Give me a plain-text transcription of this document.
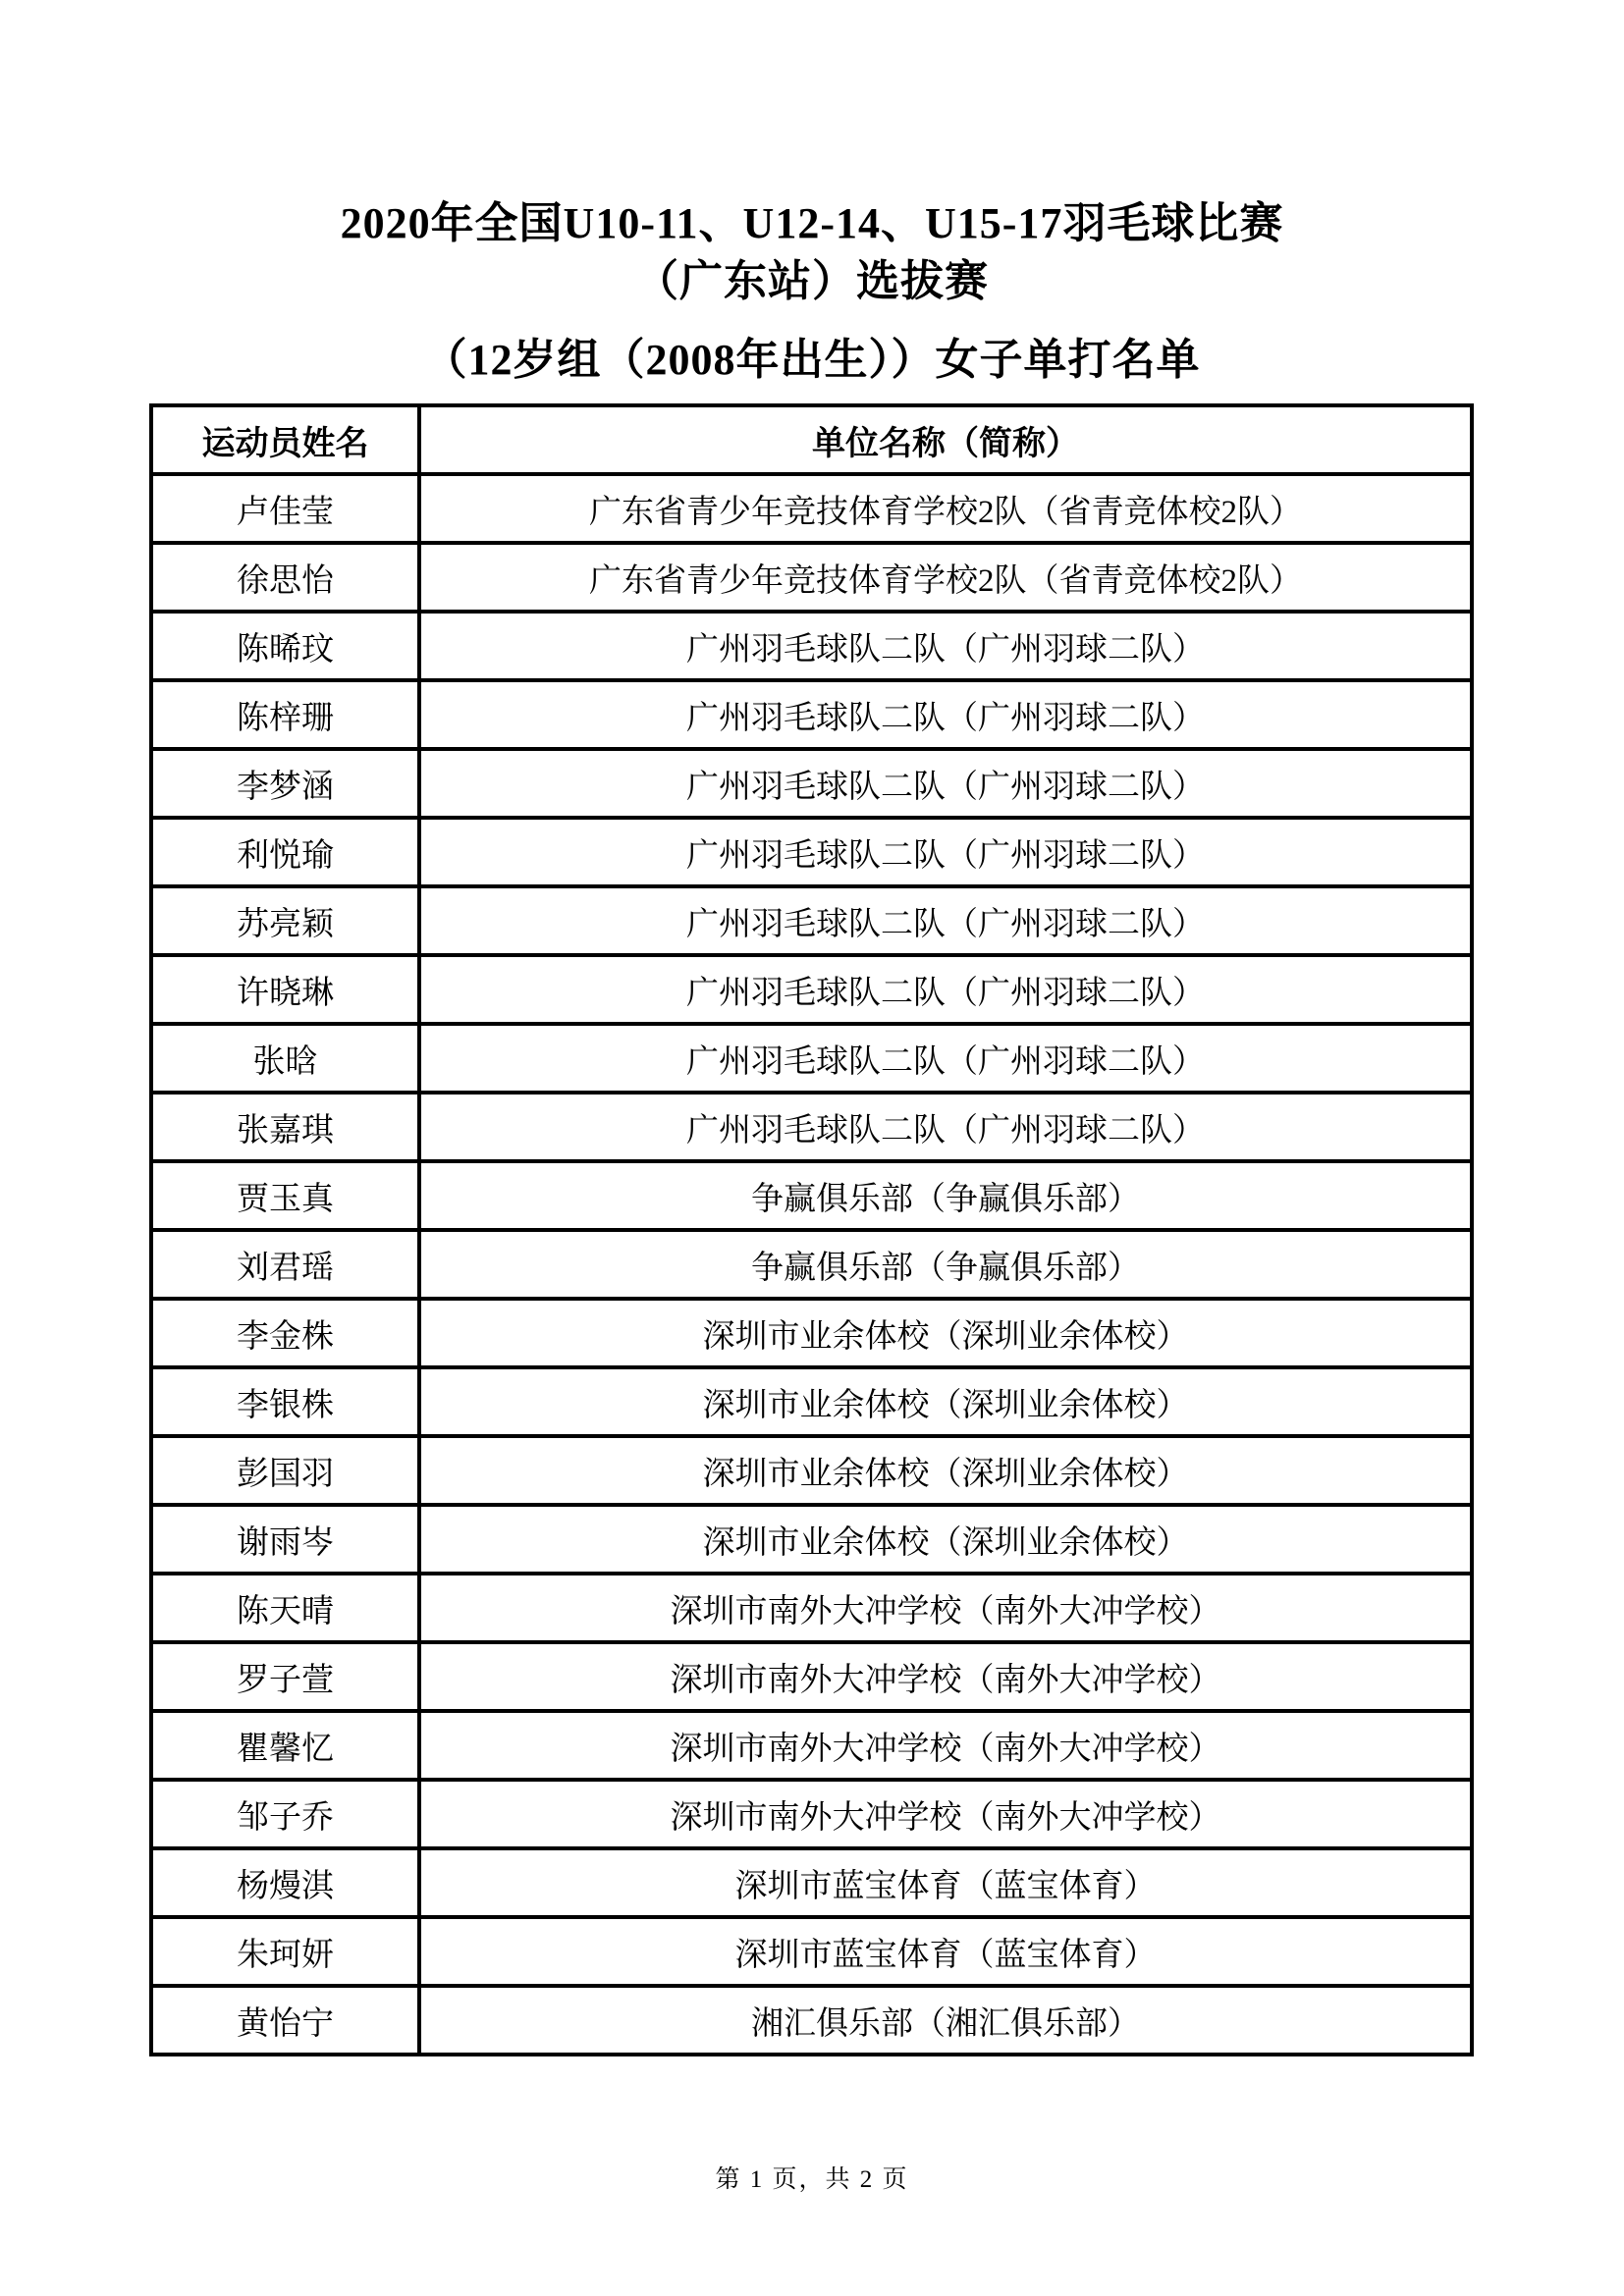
2020年全国U10-11、U12-14、U15-17羽毛球比赛
（广东站）选拔赛
（12岁组（2008年出生））女子单打名单
运动员姓名	单位名称（简称）
卢佳莹	广东省青少年竞技体育学校2队（省青竞体校2队）
徐思怡	广东省青少年竞技体育学校2队（省青竞体校2队）
陈晞玟	广州羽毛球队二队（广州羽球二队）
陈梓珊	广州羽毛球队二队（广州羽球二队）
李梦涵	广州羽毛球队二队（广州羽球二队）
利悦瑜	广州羽毛球队二队（广州羽球二队）
苏亮颖	广州羽毛球队二队（广州羽球二队）
许晓琳	广州羽毛球队二队（广州羽球二队）
张晗	广州羽毛球队二队（广州羽球二队）
张嘉琪	广州羽毛球队二队（广州羽球二队）
贾玉真	争赢俱乐部（争赢俱乐部）
刘君瑶	争赢俱乐部（争赢俱乐部）
李金株	深圳市业余体校（深圳业余体校）
李银株	深圳市业余体校（深圳业余体校）
彭国羽	深圳市业余体校（深圳业余体校）
谢雨岑	深圳市业余体校（深圳业余体校）
陈天晴	深圳市南外大冲学校（南外大冲学校）
罗子萱	深圳市南外大冲学校（南外大冲学校）
瞿馨忆	深圳市南外大冲学校（南外大冲学校）
邹子乔	深圳市南外大冲学校（南外大冲学校）
杨熳淇	深圳市蓝宝体育（蓝宝体育）
朱珂妍	深圳市蓝宝体育（蓝宝体育）
黄怡宁	湘汇俱乐部（湘汇俱乐部）
第 1 页，共 2 页
